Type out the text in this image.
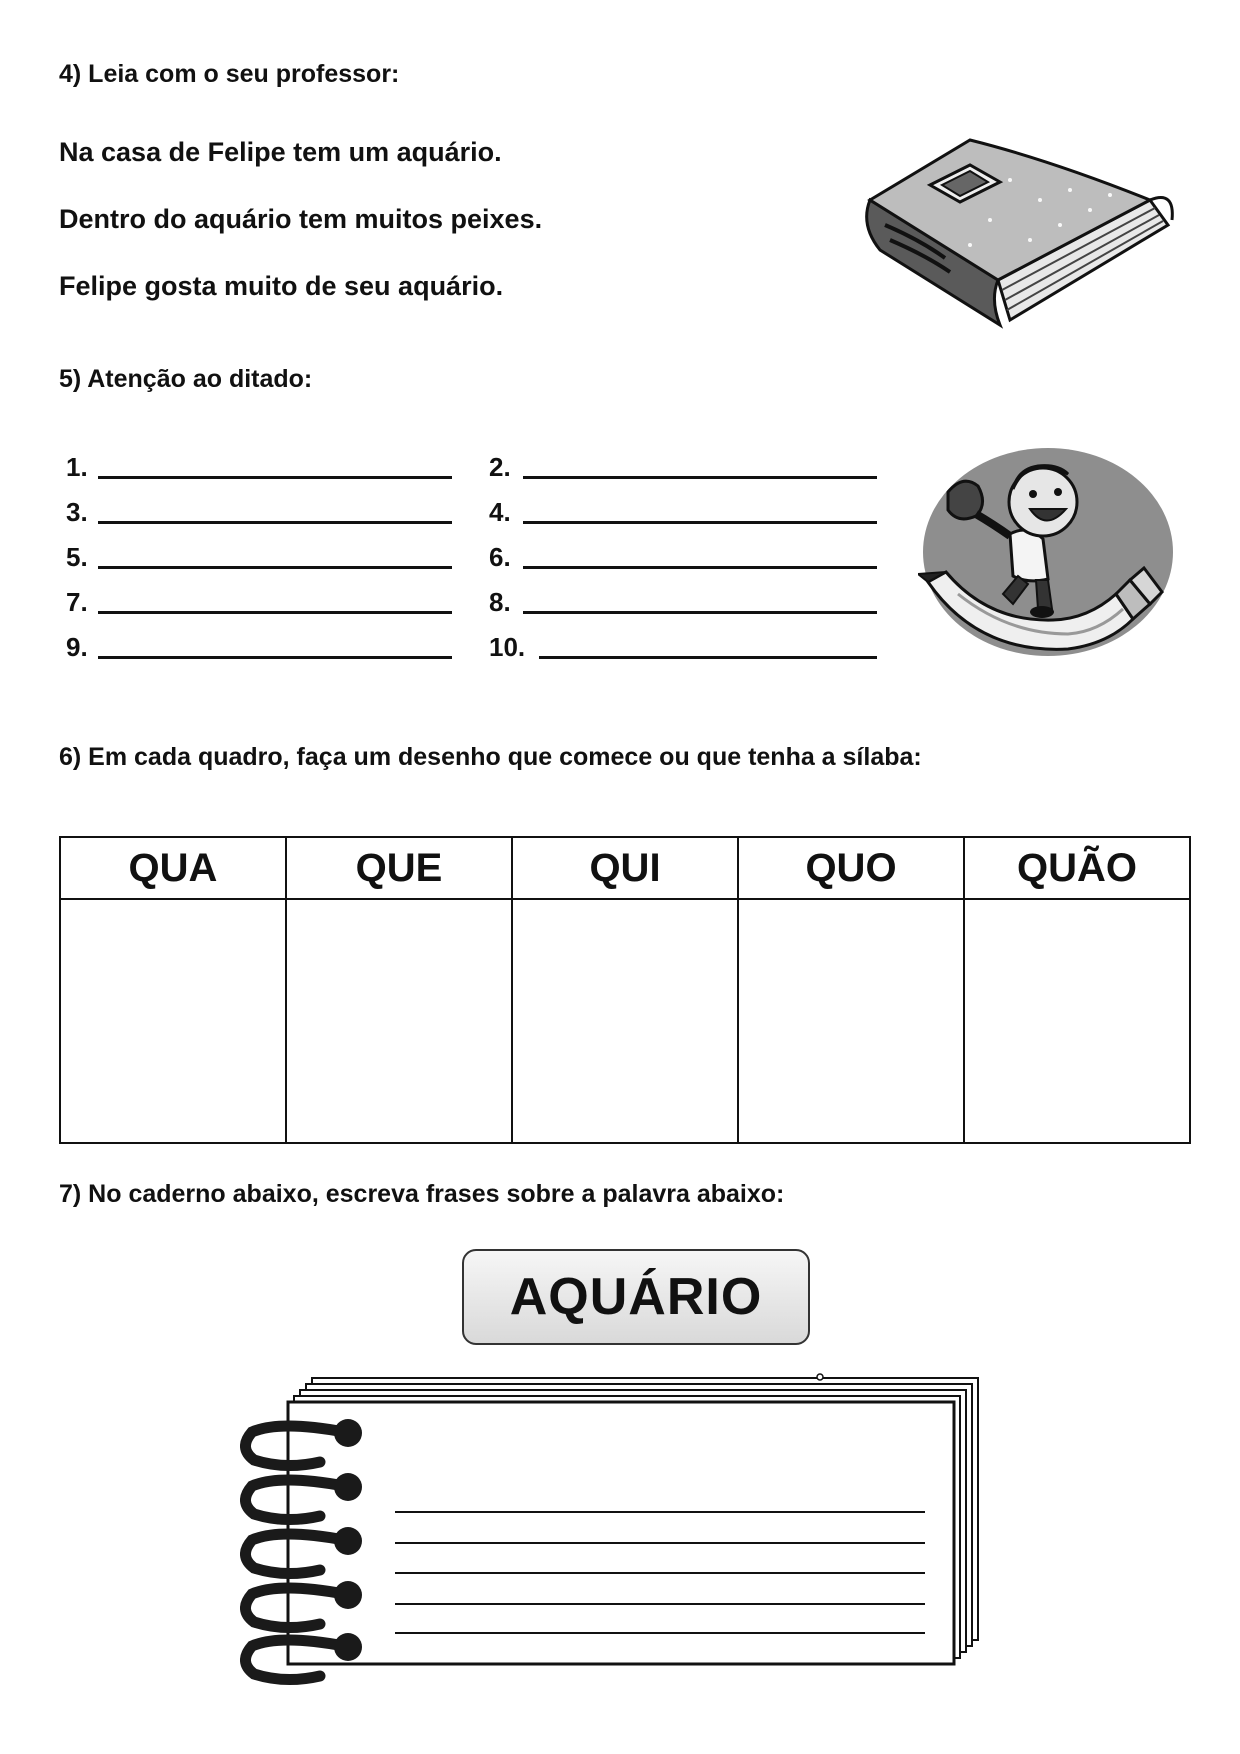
4) Leia com o seu professor:
Na casa de Felipe tem um aquário.
Dentro do aquário tem muitos peixes.
Felipe gosta muito de seu aquário.
5) Atenção ao ditado:
1.	2.
3.	4.
5.	6.
7.	8.
9.	10.
6) Em cada quadro, faça um desenho que comece ou que tenha a sílaba:
QUA	QUE	QUI	QUO	QUÃO

7) No caderno abaixo, escreva frases sobre a palavra abaixo:
AQUÁRIO
